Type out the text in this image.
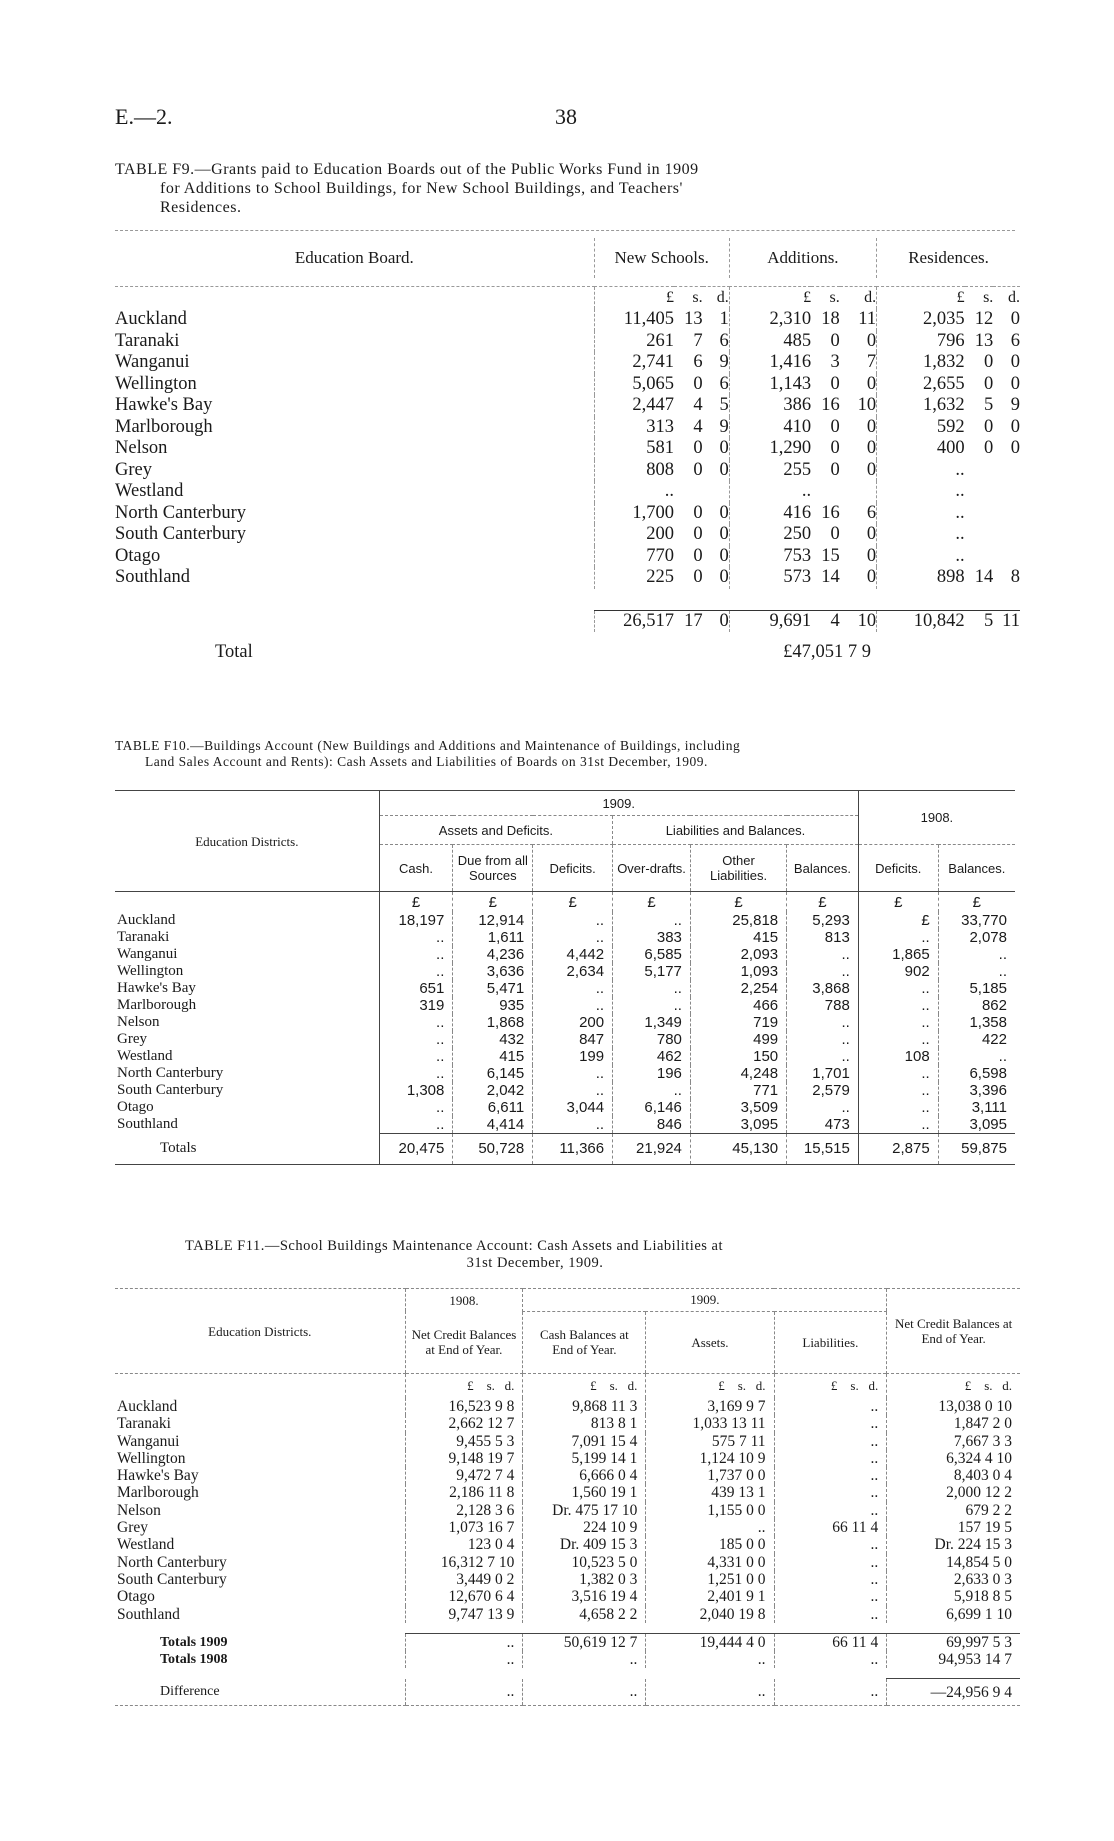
E.—2.	38
TABLE F9.—Grants paid to Education Boards out of the Public Works Fund in 1909
for Additions to School Buildings, for New School Buildings, and Teachers'
Residences.
Education Board.	New Schools.			Additions.			Residences.		

	£	s.	d.	£	s.	d.	£	s.	d.
Auckland	11,405	13	1	2,310	18	11	2,035	12	0
Taranaki	261	7	6	485	0	0	796	13	6
Wanganui	2,741	6	9	1,416	3	7	1,832	0	0
Wellington	5,065	0	6	1,143	0	0	2,655	0	0
Hawke's Bay	2,447	4	5	386	16	10	1,632	5	9
Marlborough	313	4	9	410	0	0	592	0	0
Nelson	581	0	0	1,290	0	0	400	0	0
Grey	808	0	0	255	0	0	..		
Westland	..			..			..		
North Canterbury	1,700	0	0	416	16	6	..		
South Canterbury	200	0	0	250	0	0	..		
Otago	770	0	0	753	15	0	..		
Southland	225	0	0	573	14	0	898	14	8

	26,517	17	0	9,691	4	10	10,842	5	11

Total	£47,051 7 9								
TABLE F10.—Buildings Account (New Buildings and Additions and Maintenance of Buildings, including
Land Sales Account and Rents): Cash Assets and Liabilities of Boards on 31st December, 1909.
Education Districts.	1909.						1908.	
	Assets and Deficits.			Liabilities and Balances.				
	Cash.	Due from all Sources	Deficits.	Over-drafts.	Other Liabilities.	Balances.	Deficits.	Balances.
	£	£	£	£	£	£	£	£
Auckland	18,197	12,914	..	..	25,818	5,293	£	33,770
Taranaki	..	1,611	..	383	415	813	..	2,078
Wanganui	..	4,236	4,442	6,585	2,093	..	1,865	..
Wellington	..	3,636	2,634	5,177	1,093	..	902	..
Hawke's Bay	651	5,471	..	..	2,254	3,868	..	5,185
Marlborough	319	935	..	..	466	788	..	862
Nelson	..	1,868	200	1,349	719	..	..	1,358
Grey	..	432	847	780	499	..	..	422
Westland	..	415	199	462	150	..	108	..
North Canterbury	..	6,145	..	196	4,248	1,701	..	6,598
South Canterbury	1,308	2,042	..	..	771	2,579	..	3,396
Otago	..	6,611	3,044	6,146	3,509	..	..	3,111
Southland	..	4,414	..	846	3,095	473	..	3,095
Totals	20,475	50,728	11,366	21,924	45,130	15,515	2,875	59,875
TABLE F11.—School Buildings Maintenance Account: Cash Assets and Liabilities at
31st December, 1909.
Education Districts.	1908.	1909.			Net Credit Balances at End of Year.
	Net Credit Balances at End of Year.	Cash Balances at End of Year.	Assets.	Liabilities.	
	£ s. d.	£ s. d.	£ s. d.	£ s. d.	£ s. d.
Auckland	16,523 9 8	9,868 11 3	3,169 9 7	..	13,038 0 10
Taranaki	2,662 12 7	813 8 1	1,033 13 11	..	1,847 2 0
Wanganui	9,455 5 3	7,091 15 4	575 7 11	..	7,667 3 3
Wellington	9,148 19 7	5,199 14 1	1,124 10 9	..	6,324 4 10
Hawke's Bay	9,472 7 4	6,666 0 4	1,737 0 0	..	8,403 0 4
Marlborough	2,186 11 8	1,560 19 1	439 13 1	..	2,000 12 2
Nelson	2,128 3 6	Dr. 475 17 10	1,155 0 0	..	679 2 2
Grey	1,073 16 7	224 10 9	..	66 11 4	157 19 5
Westland	123 0 4	Dr. 409 15 3	185 0 0	..	Dr. 224 15 3
North Canterbury	16,312 7 10	10,523 5 0	4,331 0 0	..	14,854 5 0
South Canterbury	3,449 0 2	1,382 0 3	1,251 0 0	..	2,633 0 3
Otago	12,670 6 4	3,516 19 4	2,401 9 1	..	5,918 8 5
Southland	9,747 13 9	4,658 2 2	2,040 19 8	..	6,699 1 10

Totals 1909	..	50,619 12 7	19,444 4 0	66 11 4	69,997 5 3
Totals 1908	..	..	..	..	94,953 14 7

Difference	..	..	..	..	—24,956 9 4
